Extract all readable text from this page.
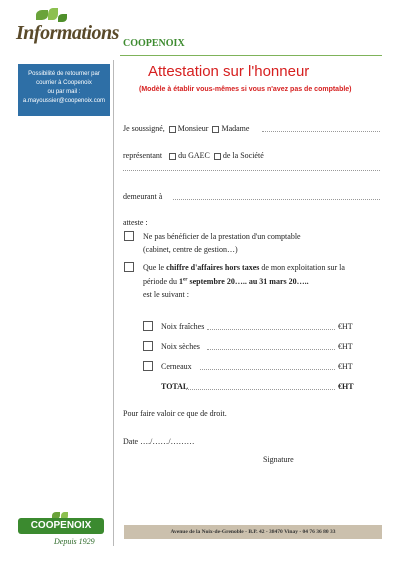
Informations COOPENOIX
Possibilité de retourner par
courrier à Coopenoix
ou par mail :
a.mayoussier@coopenoix.com
Attestation sur l'honneur
(Modèle à établir vous-mêmes si vous n'avez pas de comptable)
Je soussigné, Monsieur Madame
représentant du GAEC de la Société
demeurant à
atteste :
Ne pas bénéficier de la prestation d'un comptable
(cabinet, centre de gestion…)
Que le chiffre d'affaires hors taxes de mon exploitation sur la
période du 1er septembre 20….. au 31 mars 20…..
est le suivant :
Noix fraîches	€HT
Noix sèches	€HT
Cerneaux	€HT
TOTAL	€HT
Pour faire valoir ce que de droit.
Date …./……/………
Signature
COOPENOIX
Depuis 1929
Avenue de la Noix-de-Grenoble - B.P. 42 - 38470 Vinay - 04 76 36 80 33
